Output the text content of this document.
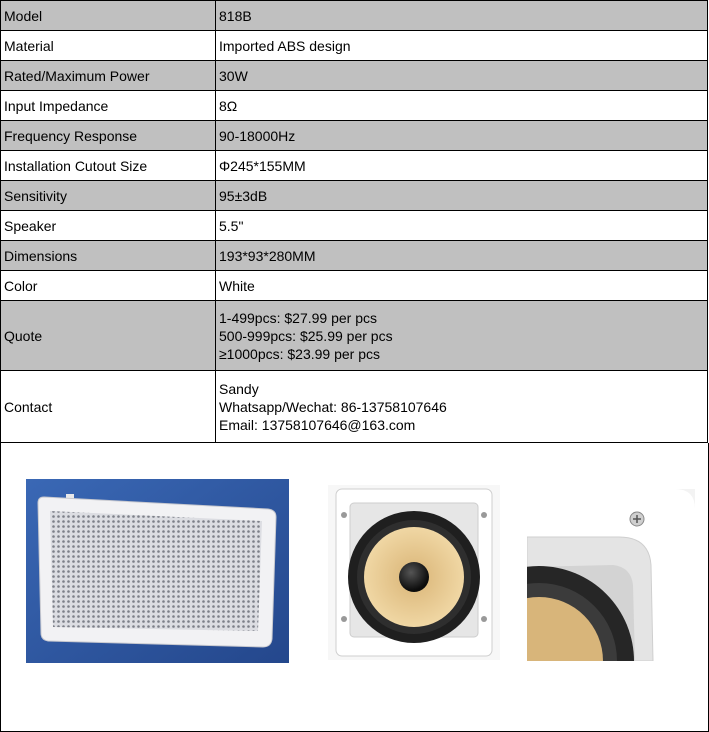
Model	818B
Material	Imported ABS design
Rated/Maximum Power	30W
Input Impedance	8Ω
Frequency Response	90-18000Hz
Installation Cutout Size	Φ245*155MM
Sensitivity	95±3dB
Speaker	5.5"
Dimensions	193*93*280MM
Color	White
Quote	1-499pcs: $27.99 per pcs
500-999pcs: $25.99 per pcs
≥1000pcs: $23.99 per pcs

Contact	Sandy
Whatsapp/Wechat: 86-13758107646
Email: 13758107646@163.com
